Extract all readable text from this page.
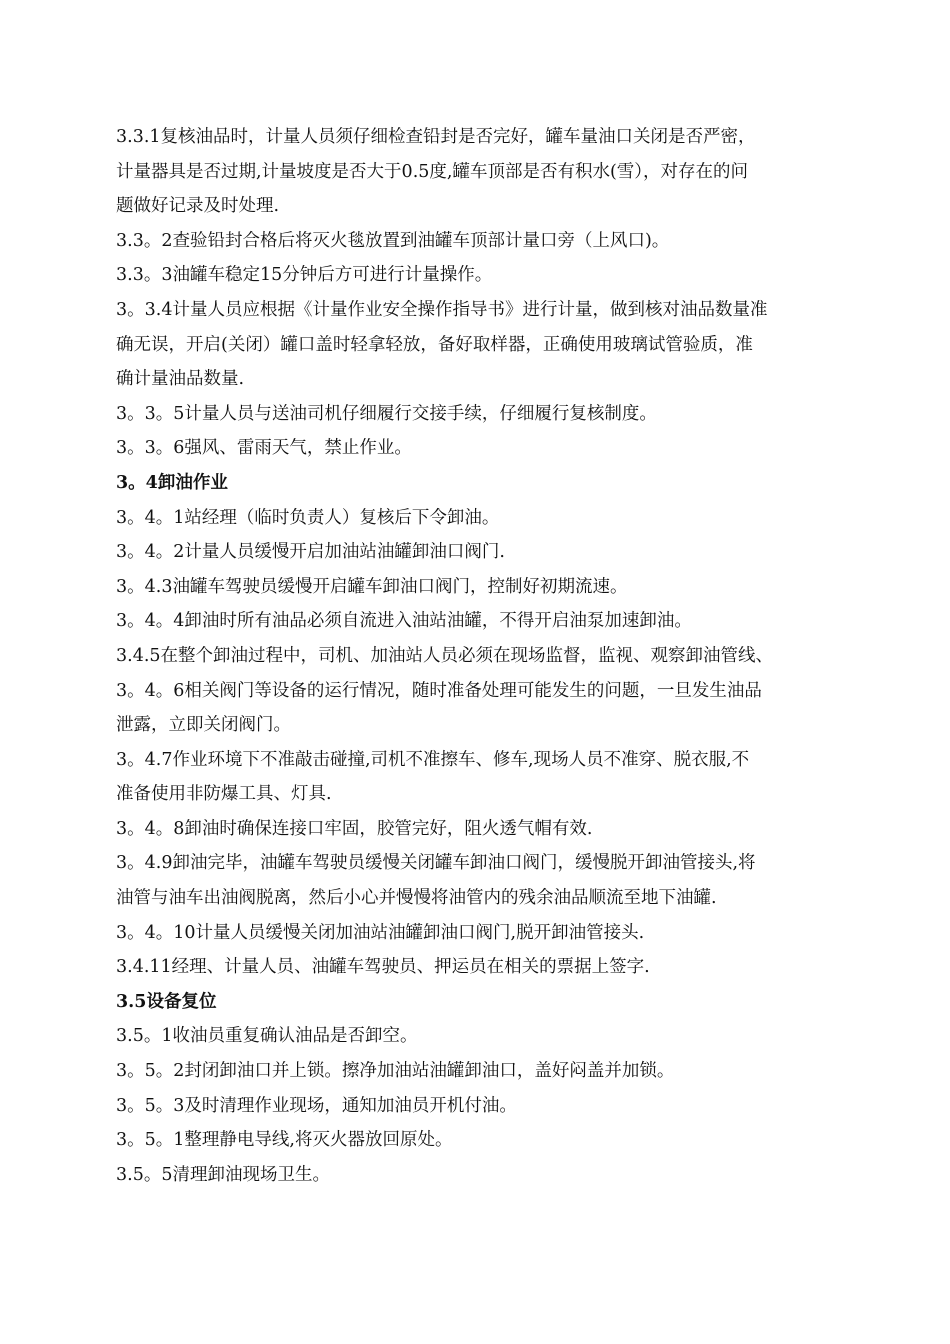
3.3.1复核油品时，计量人员须仔细检查铅封是否完好，罐车量油口关闭是否严密，
计量器具是否过期,计量坡度是否大于0.5度,罐车顶部是否有积水(雪），对存在的问
题做好记录及时处理.
3.3。2查验铅封合格后将灭火毯放置到油罐车顶部计量口旁（上风口)。
3.3。3油罐车稳定15分钟后方可进行计量操作。
3。3.4计量人员应根据《计量作业安全操作指导书》进行计量，做到核对油品数量准
确无误，开启(关闭）罐口盖时轻拿轻放，备好取样器，正确使用玻璃试管验质，准
确计量油品数量.
3。3。5计量人员与送油司机仔细履行交接手续，仔细履行复核制度。
3。3。6强风、雷雨天气，禁止作业。
3。4卸油作业
3。4。1站经理（临时负责人）复核后下令卸油。
3。4。2计量人员缓慢开启加油站油罐卸油口阀门.
3。4.3油罐车驾驶员缓慢开启罐车卸油口阀门，控制好初期流速。
3。4。4卸油时所有油品必须自流进入油站油罐，不得开启油泵加速卸油。
3.4.5在整个卸油过程中，司机、加油站人员必须在现场监督，监视、观察卸油管线、
3。4。6相关阀门等设备的运行情况，随时准备处理可能发生的问题，一旦发生油品
泄露，立即关闭阀门。
3。4.7作业环境下不准敲击碰撞,司机不准擦车、修车,现场人员不准穿、脱衣服,不
准备使用非防爆工具、灯具.
3。4。8卸油时确保连接口牢固，胶管完好，阻火透气帽有效.
3。4.9卸油完毕，油罐车驾驶员缓慢关闭罐车卸油口阀门，缓慢脱开卸油管接头,将
油管与油车出油阀脱离，然后小心并慢慢将油管内的残余油品顺流至地下油罐.
3。4。10计量人员缓慢关闭加油站油罐卸油口阀门,脱开卸油管接头.
3.4.11经理、计量人员、油罐车驾驶员、押运员在相关的票据上签字.
3.5设备复位
3.5。1收油员重复确认油品是否卸空。
3。5。2封闭卸油口并上锁。擦净加油站油罐卸油口，盖好闷盖并加锁。
3。5。3及时清理作业现场，通知加油员开机付油。
3。5。1整理静电导线,将灭火器放回原处。
3.5。5清理卸油现场卫生。
